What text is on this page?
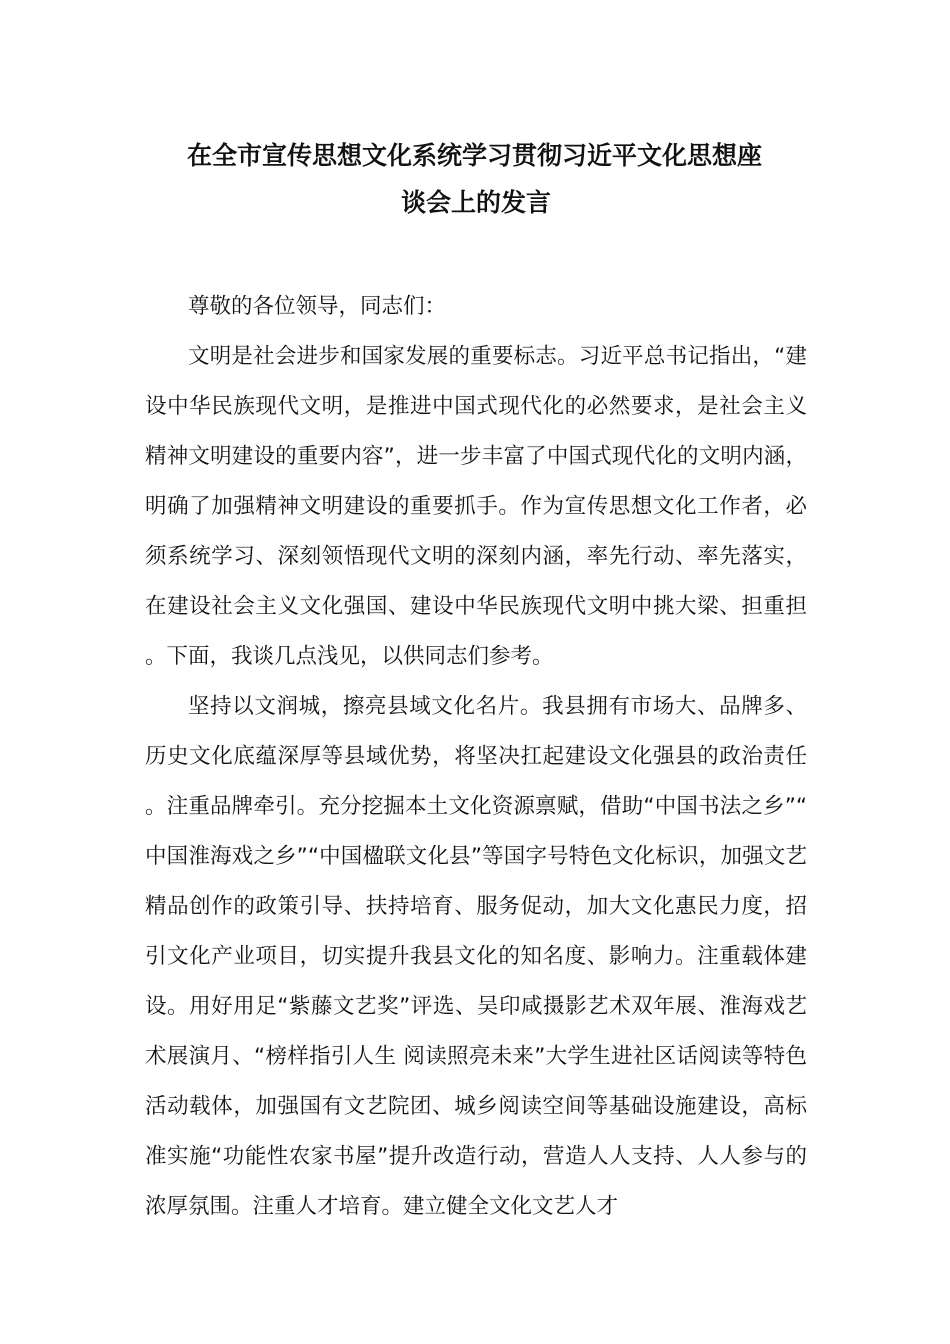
在全市宣传思想文化系统学习贯彻习近平文化思想座
谈会上的发言

尊敬的各位领导，同志们：

文明是社会进步和国家发展的重要标志。习近平总书记指出，“建设中华民族现代文明，是推进中国式现代化的必然要求，是社会主义精神文明建设的重要内容”，进一步丰富了中国式现代化的文明内涵，明确了加强精神文明建设的重要抓手。作为宣传思想文化工作者，必须系统学习、深刻领悟现代文明的深刻内涵，率先行动、率先落实，在建设社会主义文化强国、建设中华民族现代文明中挑大梁、担重担。下面，我谈几点浅见，以供同志们参考。

坚持以文润城，擦亮县域文化名片。我县拥有市场大、品牌多、历史文化底蕴深厚等县域优势，将坚决扛起建设文化强县的政治责任。注重品牌牵引。充分挖掘本土文化资源禀赋，借助“中国书法之乡”“中国淮海戏之乡”“中国楹联文化县”等国字号特色文化标识，加强文艺精品创作的政策引导、扶持培育、服务促动，加大文化惠民力度，招引文化产业项目，切实提升我县文化的知名度、影响力。注重载体建设。用好用足“紫藤文艺奖”评选、吴印咸摄影艺术双年展、淮海戏艺术展演月、“榜样指引人生 阅读照亮未来”大学生进社区话阅读等特色活动载体，加强国有文艺院团、城乡阅读空间等基础设施建设，高标准实施“功能性农家书屋”提升改造行动，营造人人支持、人人参与的浓厚氛围。注重人才培育。建立健全文化文艺人才
